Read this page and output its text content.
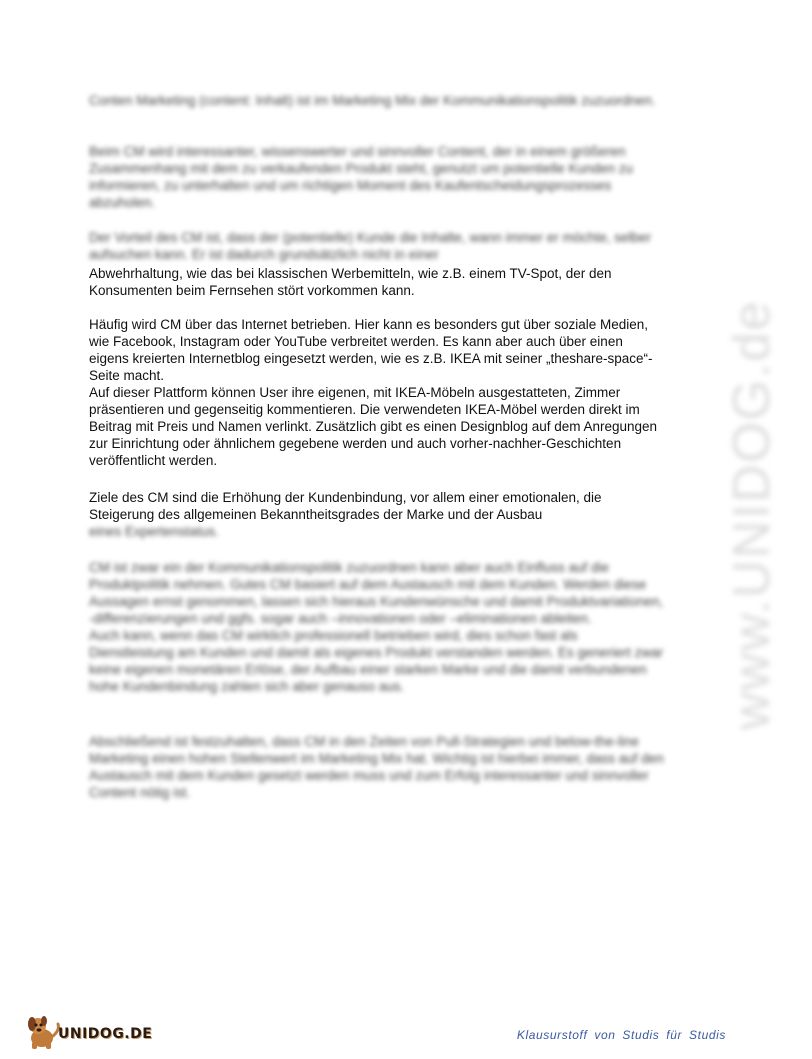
Conten Marketing (content: Inhalt) ist im Marketing Mix der Kommunikationspolitik zuzuordnen.

Beim CM wird interessanter, wissenswerter und sinnvoller Content, der in einem größeren Zusammenhang mit dem zu verkaufenden Produkt steht, genutzt um potentielle Kunden zu informieren, zu unterhalten und um richtigen Moment des Kaufentscheidungsprozesses abzuholen.

Der Vorteil des CM ist, dass der (potentielle) Kunde die Inhalte, wann immer er möchte, selber aufsuchen kann. Er ist dadurch grundsätzlich nicht in einer

Abwehrhaltung, wie das bei klassischen Werbemitteln, wie z.B. einem TV-Spot, der den Konsumenten beim Fernsehen stört vorkommen kann.

Häufig wird CM über das Internet betrieben. Hier kann es besonders gut über soziale Medien, wie Facebook, Instagram oder YouTube verbreitet werden. Es kann aber auch über einen eigens kreierten Internetblog eingesetzt werden, wie es z.B. IKEA mit seiner „theshare-space“-Seite macht.
Auf dieser Plattform können User ihre eigenen, mit IKEA-Möbeln ausgestatteten, Zimmer präsentieren und gegenseitig kommentieren. Die verwendeten IKEA-Möbel werden direkt im Beitrag mit Preis und Namen verlinkt. Zusätzlich gibt es einen Designblog auf dem Anregungen zur Einrichtung oder ähnlichem gegebene werden und auch vorher-nachher-Geschichten veröffentlicht werden.

Ziele des CM sind die Erhöhung der Kundenbindung, vor allem einer emotionalen, die Steigerung des allgemeinen Bekanntheitsgrades der Marke und der Ausbau

eines Expertenstatus.

CM ist zwar ein der Kommunikationspolitik zuzuordnen kann aber auch Einfluss auf die Produktpolitik nehmen. Gutes CM basiert auf dem Austausch mit dem Kunden. Werden diese Aussagen ernst genommen, lassen sich hieraus Kundenwünsche und damit Produktvariationen, -differenzierungen und ggfs. sogar auch –innovationen oder –eliminationen ableiten.
Auch kann, wenn das CM wirklich professionell betrieben wird, dies schon fast als Dienstleistung am Kunden und damit als eigenes Produkt verstanden werden. Es generiert zwar keine eigenen monetären Erlöse, der Aufbau einer starken Marke und die damit verbundenen hohe Kundenbindung zahlen sich aber genauso aus.

Abschließend ist festzuhalten, dass CM in den Zeiten von Pull-Strategien und below-the-line Marketing einen hohen Stellenwert im Marketing Mix hat. Wichtig ist hierbei immer, dass auf den Austausch mit dem Kunden gesetzt werden muss und zum Erfolg interessanter und sinnvoller Content nötig ist.

www.UNIDOG.de
UNIDOG.DE	Klausurstoff von Studis für Studis
